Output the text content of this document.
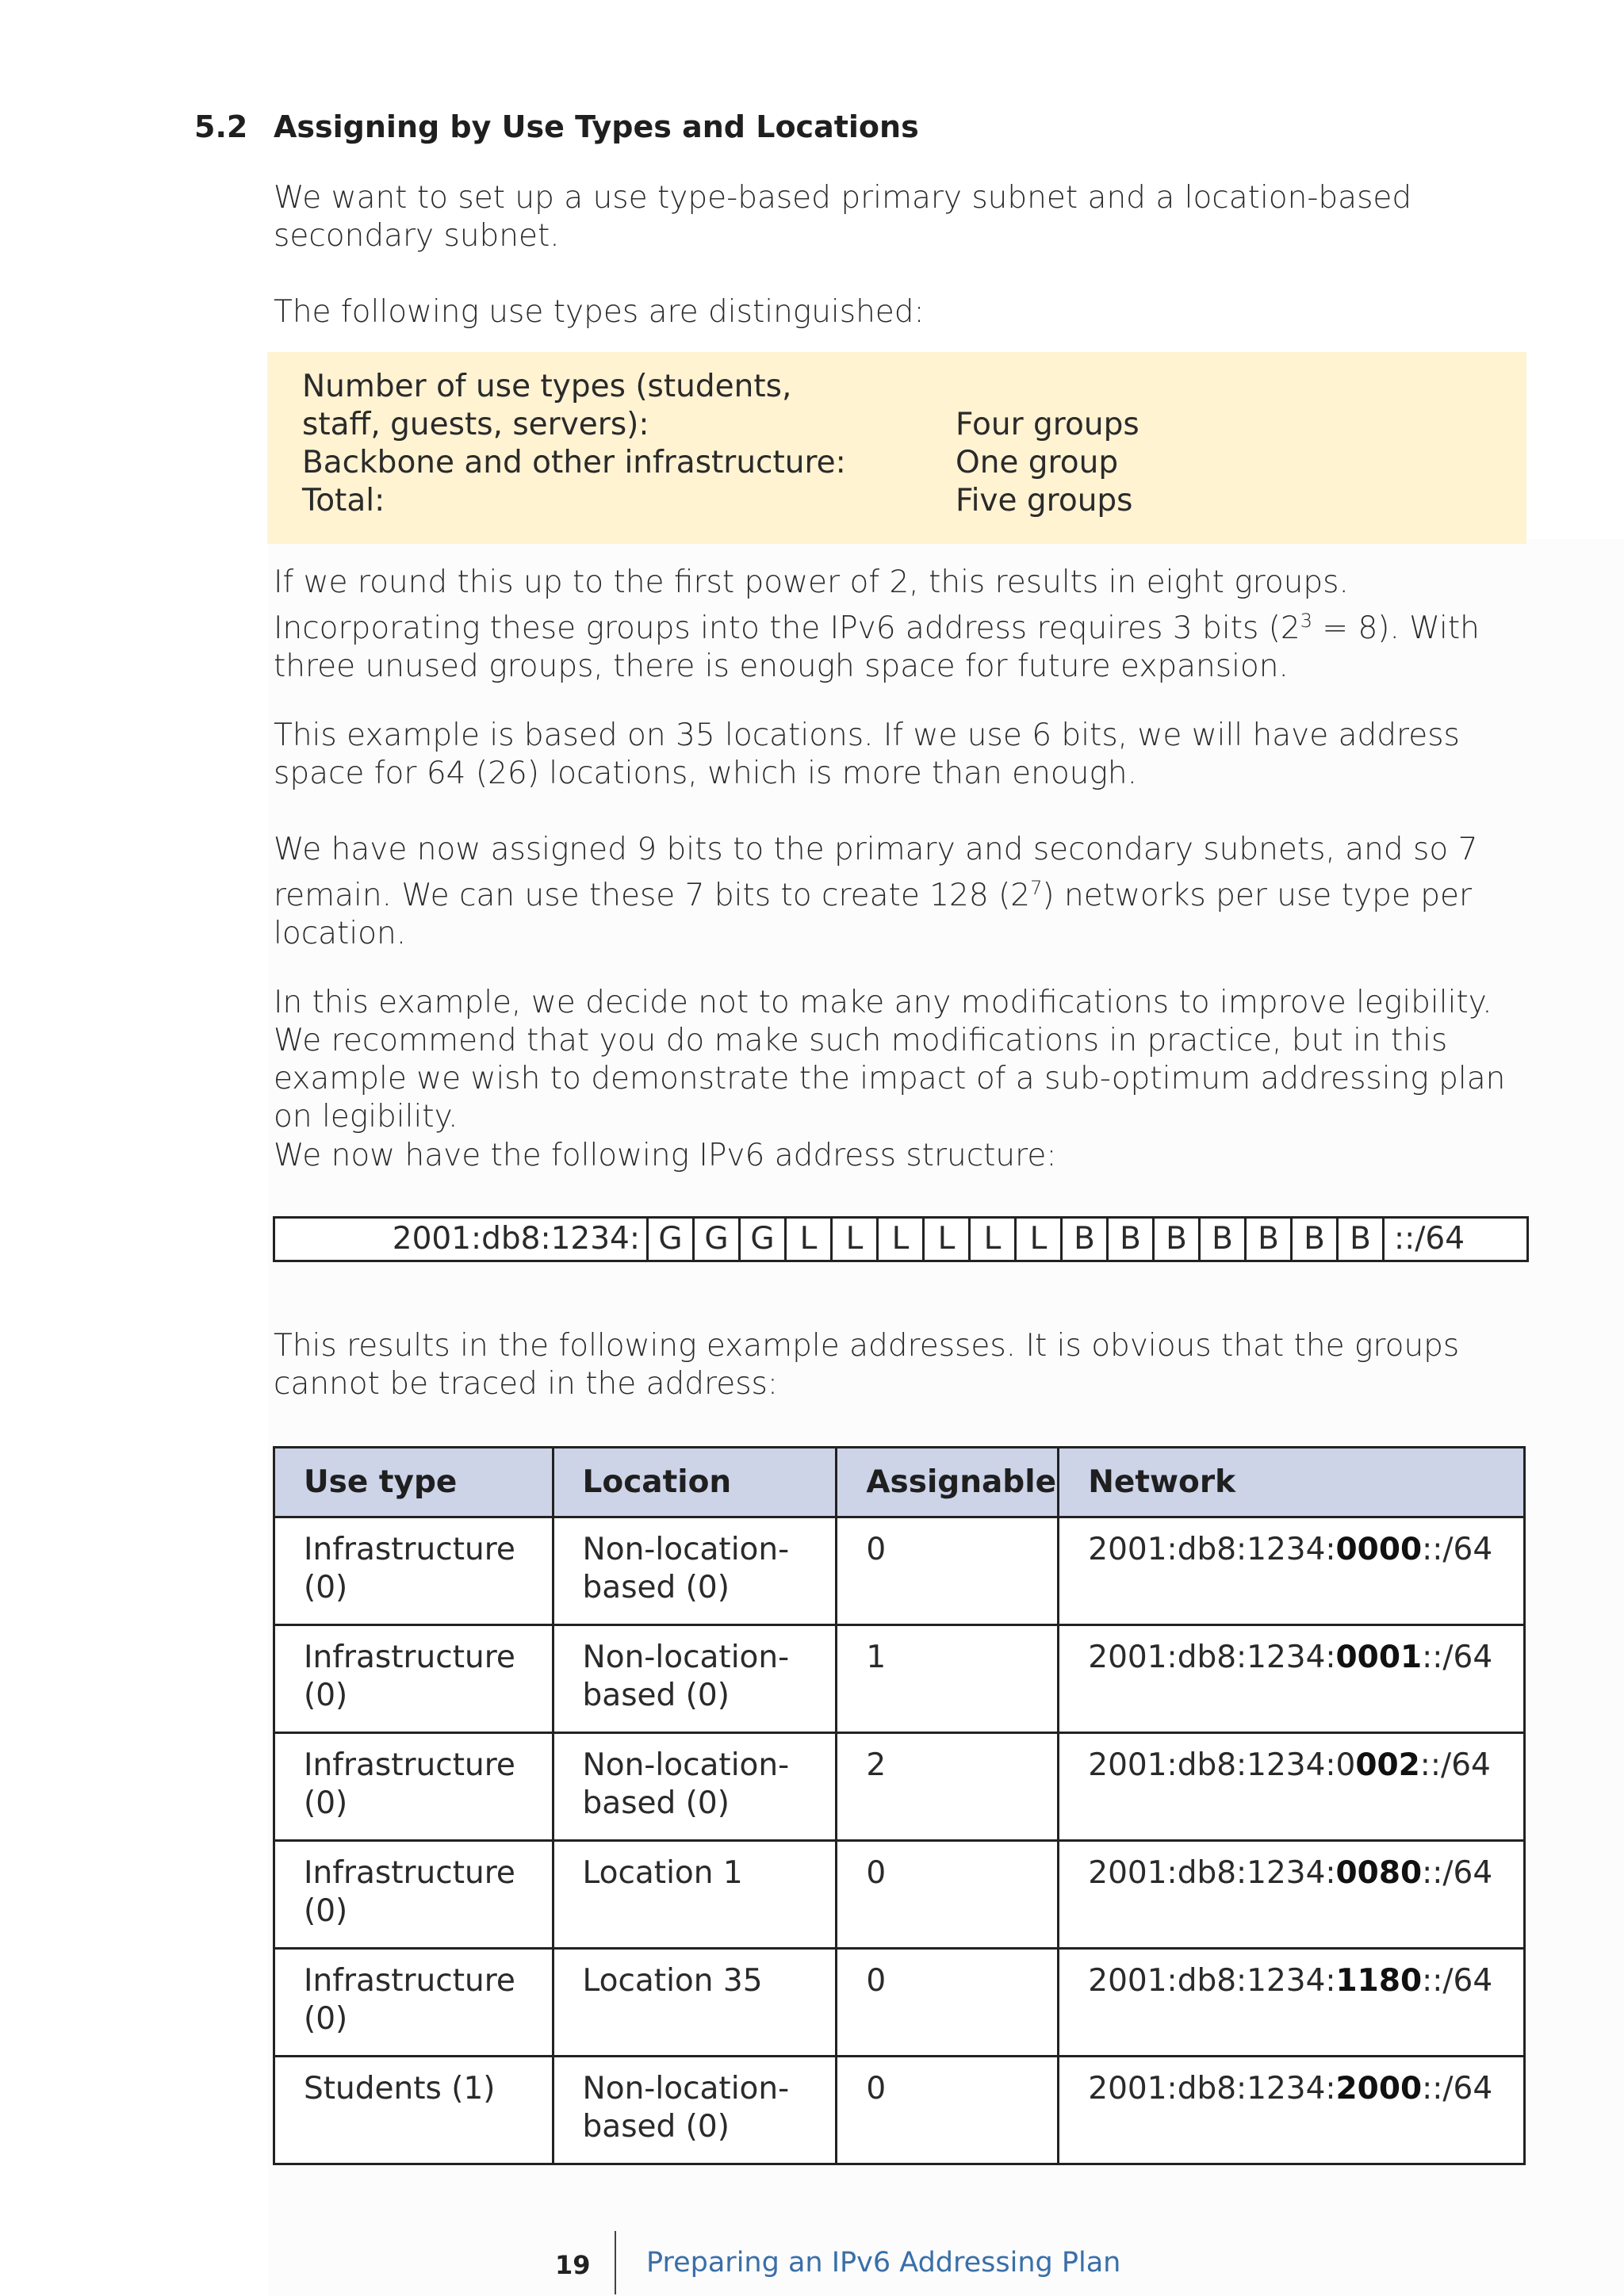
5.2 Assigning by Use Types and Locations

We want to set up a use type-based primary subnet and a location-based secondary subnet.

The following use types are distinguished:

Number of use types (students,
staff, guests, servers):	Four groups
Backbone and other infrastructure:	One group
Total:	Five groups

If we round this up to the first power of 2, this results in eight groups. Incorporating these groups into the IPv6 address requires 3 bits $(2^3 = 8)$. With three unused groups, there is enough space for future expansion.

This example is based on 35 locations. If we use 6 bits, we will have address space for 64 (26) locations, which is more than enough.

We have now assigned 9 bits to the primary and secondary subnets, and so 7 remain. We can use these 7 bits to create 128 $(2^7)$ networks per use type per location.

In this example, we decide not to make any modifications to improve legibility. We recommend that you do make such modifications in practice, but in this example we wish to demonstrate the impact of a sub-optimum addressing plan on legibility.

We now have the following IPv6 address structure:

2001:db8:1234: G G G L L L L L L B B B B B B B ::/64

This results in the following example addresses. It is obvious that the groups cannot be traced in the address:

Use type	Location	Assignable	Network
Infrastructure
(0)	Non-location-
based (0)	0	2001:db8:1234:0000::/64
Infrastructure
(0)	Non-location-
based (0)	1	2001:db8:1234:0001::/64
Infrastructure
(0)	Non-location-
based (0)	2	2001:db8:1234:0002::/64
Infrastructure
(0)	Location 1	0	2001:db8:1234:0080::/64
Infrastructure
(0)	Location 35	0	2001:db8:1234:1180::/64
Students (1)	Non-location-
based (0)	0	2001:db8:1234:2000::/64
19 Preparing an IPv6 Addressing Plan
